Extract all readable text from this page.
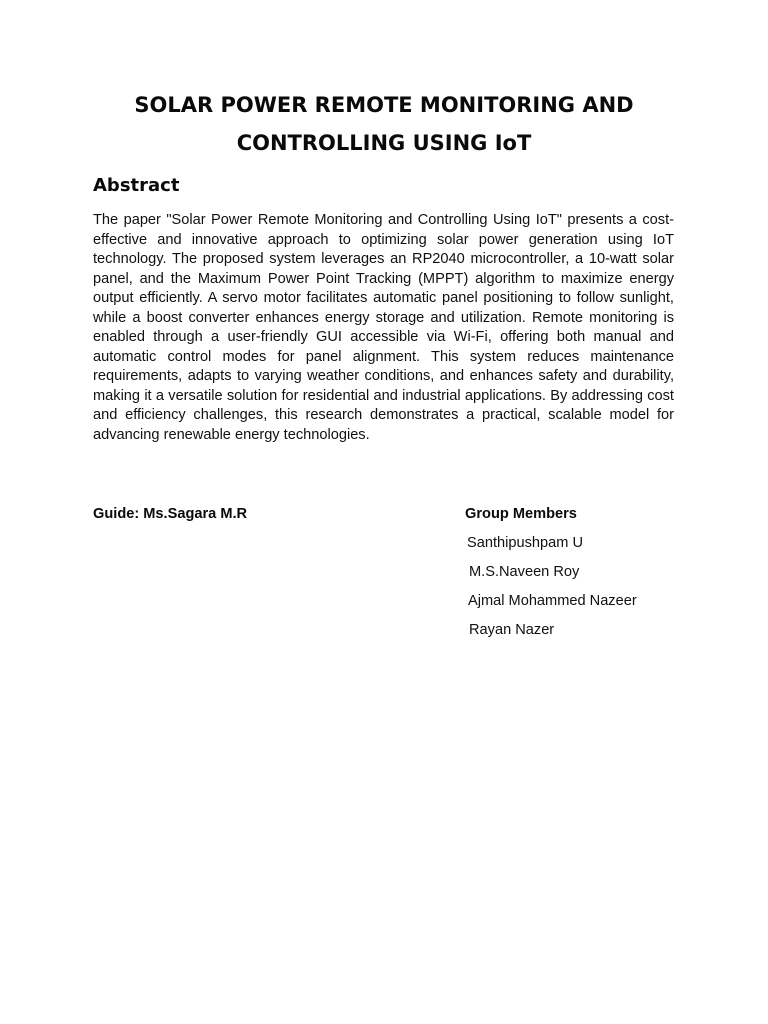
SOLAR POWER REMOTE MONITORING AND
CONTROLLING USING IoT
Abstract

The paper "Solar Power Remote Monitoring and Controlling Using IoT" presents a cost-effective and innovative approach to optimizing solar power generation using IoT technology. The proposed system leverages an RP2040 microcontroller, a 10-watt solar panel, and the Maximum Power Point Tracking (MPPT) algorithm to maximize energy output efficiently. A servo motor facilitates automatic panel positioning to follow sunlight, while a boost converter enhances energy storage and utilization. Remote monitoring is enabled through a user-friendly GUI accessible via Wi-Fi, offering both manual and automatic control modes for panel alignment. This system reduces maintenance requirements, adapts to varying weather conditions, and enhances safety and durability, making it a versatile solution for residential and industrial applications. By addressing cost and efficiency challenges, this research demonstrates a practical, scalable model for advancing renewable energy technologies.

Guide: Ms.Sagara M.R	Group Members

Santhipushpam U
M.S.Naveen Roy
Ajmal Mohammed Nazeer
Rayan Nazer
